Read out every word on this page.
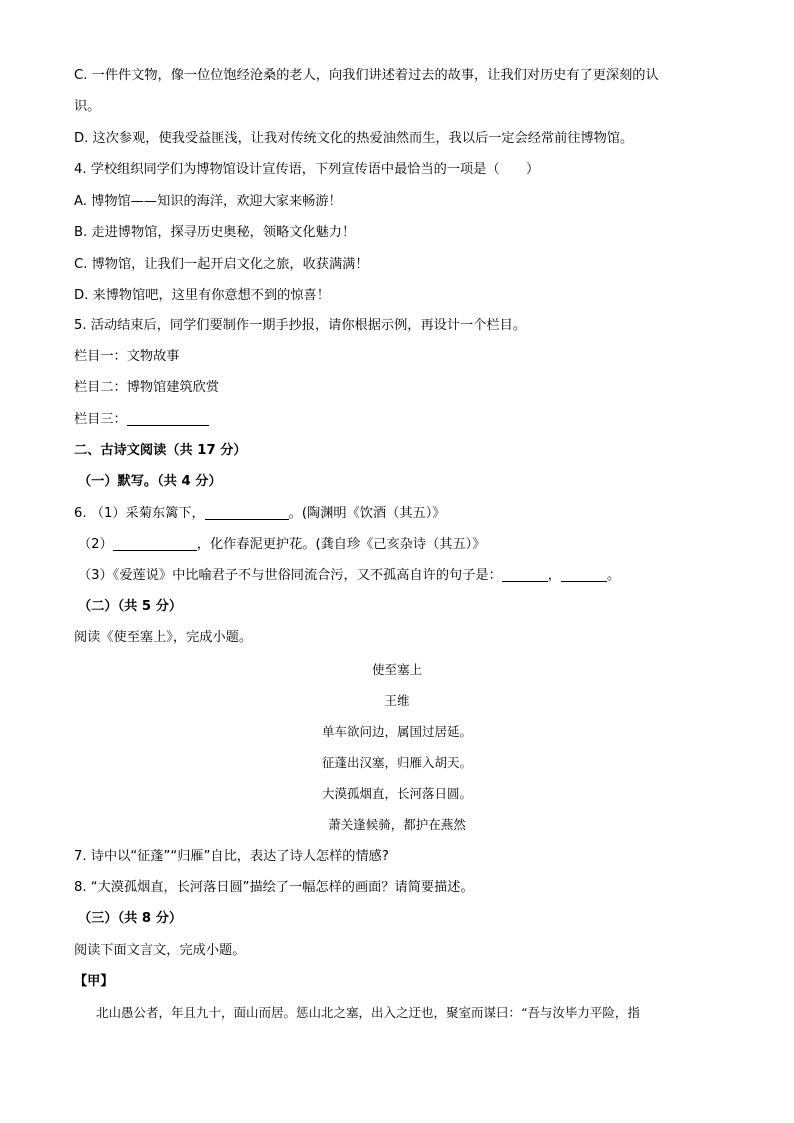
C. 一件件文物，像一位位饱经沧桑的老人，向我们讲述着过去的故事，让我们对历史有了更深刻的认
识。
D. 这次参观，使我受益匪浅，让我对传统文化的热爱油然而生，我以后一定会经常前往博物馆。
4. 学校组织同学们为博物馆设计宣传语，下列宣传语中最恰当的一项是（　　）
A. 博物馆——知识的海洋，欢迎大家来畅游！
B. 走进博物馆，探寻历史奥秘，领略文化魅力！
C. 博物馆，让我们一起开启文化之旅，收获满满！
D. 来博物馆吧，这里有你意想不到的惊喜！
5. 活动结束后，同学们要制作一期手抄报，请你根据示例，再设计一个栏目。
栏目一：文物故事
栏目二：博物馆建筑欣赏
栏目三：
二、古诗文阅读（共 17 分）
（一）默写。（共 4 分）
6. （1）采菊东篱下，	。(陶渊明《饮酒（其五）》
（2）	，化作春泥更护花。(龚自珍《己亥杂诗（其五）》
（3）《爱莲说》中比喻君子不与世俗同流合污，又不孤高自许的句子是：	，	。
（二）（共 5 分）
阅读《使至塞上》，完成小题。
使至塞上
王维
单车欲问边，属国过居延。
征蓬出汉塞，归雁入胡天。
大漠孤烟直，长河落日圆。
萧关逢候骑，都护在燕然
7. 诗中以“征蓬”“归雁”自比，表达了诗人怎样的情感?
8. “大漠孤烟直，长河落日圆”描绘了一幅怎样的画面？请简要描述。
（三）（共 8 分）
阅读下面文言文，完成小题。
【甲】
北山愚公者，年且九十，面山而居。惩山北之塞，出入之迂也，聚室而谋曰：“吾与汝毕力平险，指
